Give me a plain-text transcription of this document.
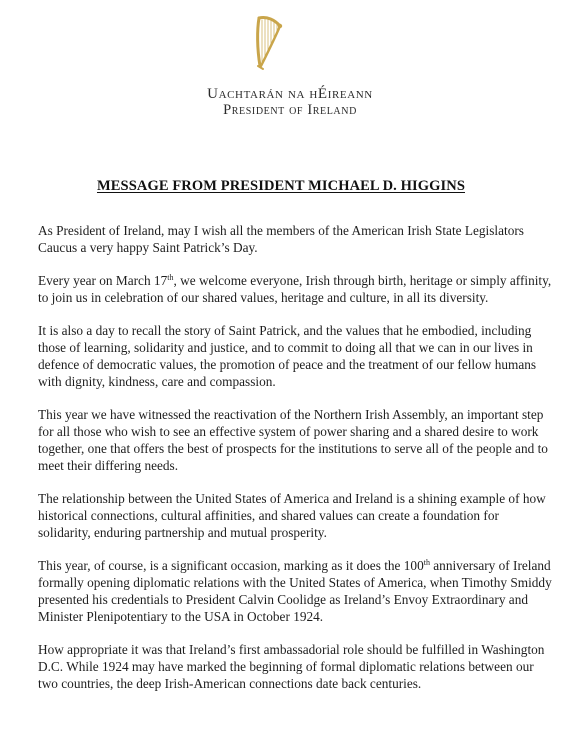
Uachtarán na hÉireann
President of Ireland
MESSAGE FROM PRESIDENT MICHAEL D. HIGGINS

As President of Ireland, may I wish all the members of the American Irish State Legislators Caucus a very happy Saint Patrick’s Day.

Every year on March 17th, we welcome everyone, Irish through birth, heritage or simply affinity, to join us in celebration of our shared values, heritage and culture, in all its diversity.

It is also a day to recall the story of Saint Patrick, and the values that he embodied, including those of learning, solidarity and justice, and to commit to doing all that we can in our lives in defence of democratic values, the promotion of peace and the treatment of our fellow humans with dignity, kindness, care and compassion.

This year we have witnessed the reactivation of the Northern Irish Assembly, an important step for all those who wish to see an effective system of power sharing and a shared desire to work together, one that offers the best of prospects for the institutions to serve all of the people and to meet their differing needs.

The relationship between the United States of America and Ireland is a shining example of how historical connections, cultural affinities, and shared values can create a foundation for solidarity, enduring partnership and mutual prosperity.

This year, of course, is a significant occasion, marking as it does the 100th anniversary of Ireland formally opening diplomatic relations with the United States of America, when Timothy Smiddy presented his credentials to President Calvin Coolidge as Ireland’s Envoy Extraordinary and Minister Plenipotentiary to the USA in October 1924.

How appropriate it was that Ireland’s first ambassadorial role should be fulfilled in Washington D.C. While 1924 may have marked the beginning of formal diplomatic relations between our two countries, the deep Irish-American connections date back centuries.
